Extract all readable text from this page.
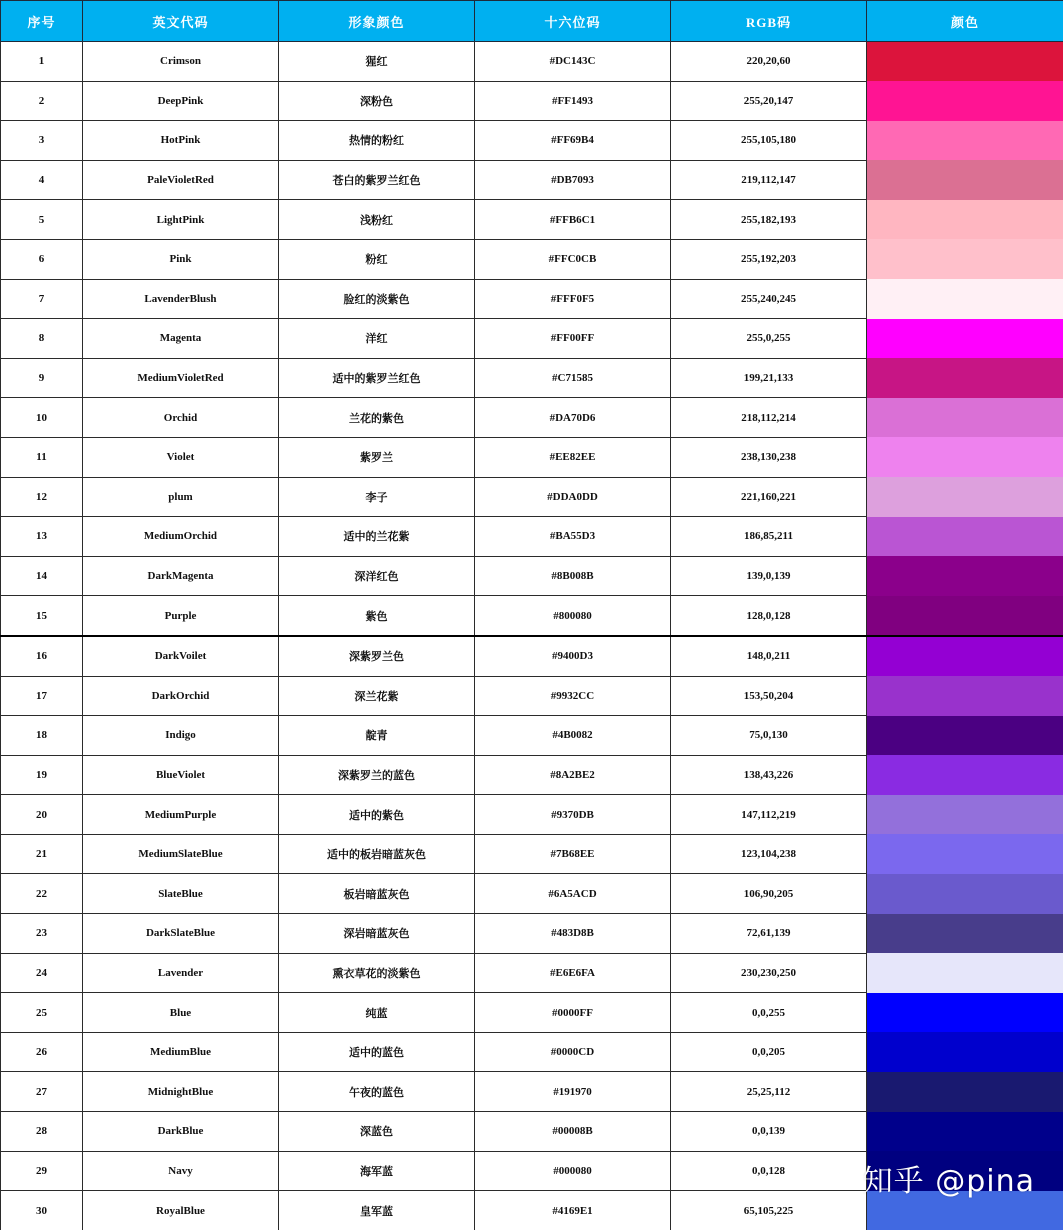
序号	英文代码	形象颜色	十六位码	RGB码	颜色
1	Crimson	猩红	#DC143C	220,20,60	
2	DeepPink	深粉色	#FF1493	255,20,147	
3	HotPink	热情的粉红	#FF69B4	255,105,180	
4	PaleVioletRed	苍白的紫罗兰红色	#DB7093	219,112,147	
5	LightPink	浅粉红	#FFB6C1	255,182,193	
6	Pink	粉红	#FFC0CB	255,192,203	
7	LavenderBlush	脸红的淡紫色	#FFF0F5	255,240,245	
8	Magenta	洋红	#FF00FF	255,0,255	
9	MediumVioletRed	适中的紫罗兰红色	#C71585	199,21,133	
10	Orchid	兰花的紫色	#DA70D6	218,112,214	
11	Violet	紫罗兰	#EE82EE	238,130,238	
12	plum	李子	#DDA0DD	221,160,221	
13	MediumOrchid	适中的兰花紫	#BA55D3	186,85,211	
14	DarkMagenta	深洋红色	#8B008B	139,0,139	
15	Purple	紫色	#800080	128,0,128	
16	DarkVoilet	深紫罗兰色	#9400D3	148,0,211	
17	DarkOrchid	深兰花紫	#9932CC	153,50,204	
18	Indigo	靛青	#4B0082	75,0,130	
19	BlueViolet	深紫罗兰的蓝色	#8A2BE2	138,43,226	
20	MediumPurple	适中的紫色	#9370DB	147,112,219	
21	MediumSlateBlue	适中的板岩暗蓝灰色	#7B68EE	123,104,238	
22	SlateBlue	板岩暗蓝灰色	#6A5ACD	106,90,205	
23	DarkSlateBlue	深岩暗蓝灰色	#483D8B	72,61,139	
24	Lavender	熏衣草花的淡紫色	#E6E6FA	230,230,250	
25	Blue	纯蓝	#0000FF	0,0,255	
26	MediumBlue	适中的蓝色	#0000CD	0,0,205	
27	MidnightBlue	午夜的蓝色	#191970	25,25,112	
28	DarkBlue	深蓝色	#00008B	0,0,139	
29	Navy	海军蓝	#000080	0,0,128	
30	RoyalBlue	皇军蓝	#4169E1	65,105,225	
知乎 @pina
